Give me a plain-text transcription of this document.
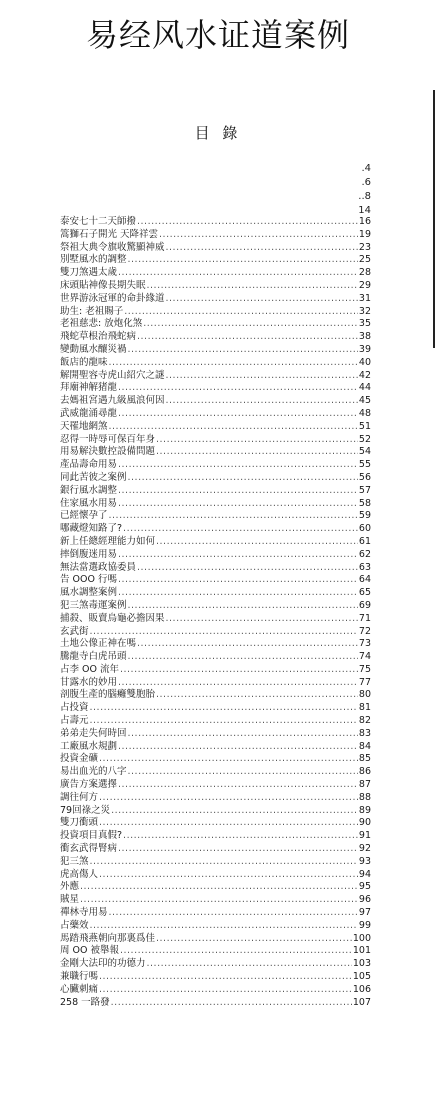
易经风水证道案例
目 錄
.4
.6
..8
14
泰安七十二天師撥 .....	16
篙獅石子開光 天降祥雲 .....	19
祭祖大典令旗收驚顯神威 .....	23
別墅風水的調整 .....	25
雙刀煞遇太歲 .....	28
床頭貼神像長期失眠 .....	29
世界游泳冠軍的命卦緣道 .....	31
助生: 老祖賜子 .....	32
老祖慈悲: 放炮化煞 .....	35
飛蛇草根治飛蛇病 .....	38
變動風水釀災禍 .....	39
飯店的龍味 .....	40
解開聖容寺虎山紹穴之謎 .....	42
拜廟神解猪龍 .....	44
去媽祖宮遇九級風浪何因 .....	45
武威龍涌尋龍 .....	48
天罹地網煞 .....	51
忍得一時辱可保百年身 .....	52
用易解決數控設備問題 .....	54
產品壽命用易 .....	55
同此苦彼之案例 .....	56
銀行風水調整 .....	57
住家風水用易 .....	58
已經懷孕了 .....	59
哪藏燈知路了? .....	60
新上任總經理能力如何 .....	61
摔倒腹迷用易 .....	62
無法當選政協委員 .....	63
告 OOO 行嗎 .....	64
風水調整案例 .....	65
犯三煞毒運案例 .....	69
捕殺、販賣烏龜必擔因果 .....	71
玄武街 .....	72
土地公像正神在嗎 .....	73
騰龍寺白虎吊頭 .....	74
占李 OO 流年 .....	75
甘露水的妙用 .....	77
剖腹生產的腦癱雙胞胎 .....	80
占投資 .....	81
占壽元 .....	82
弟弟走失何時回 .....	83
工廠風水規劃 .....	84
投資金礦 .....	85
易出血光的八字 .....	86
廣告方案選擇 .....	87
調往何方 .....	88
79回祿之災 .....	89
雙刀衝頭 .....	90
投資項目真假? .....	91
衝玄武得腎病 .....	92
犯三煞 .....	93
虎高傷人 .....	94
外應 .....	95
賊星 .....	96
禪林寺用易 .....	97
占藥效 .....	99
馬踏飛燕朝向那裏爲佳 .....	100
周 OO 被舉報 .....	101
金剛大法印的功德力 .....	103
兼職行嗎 .....	105
心臟刺痛 .....	106
258 一路發 .....	107
